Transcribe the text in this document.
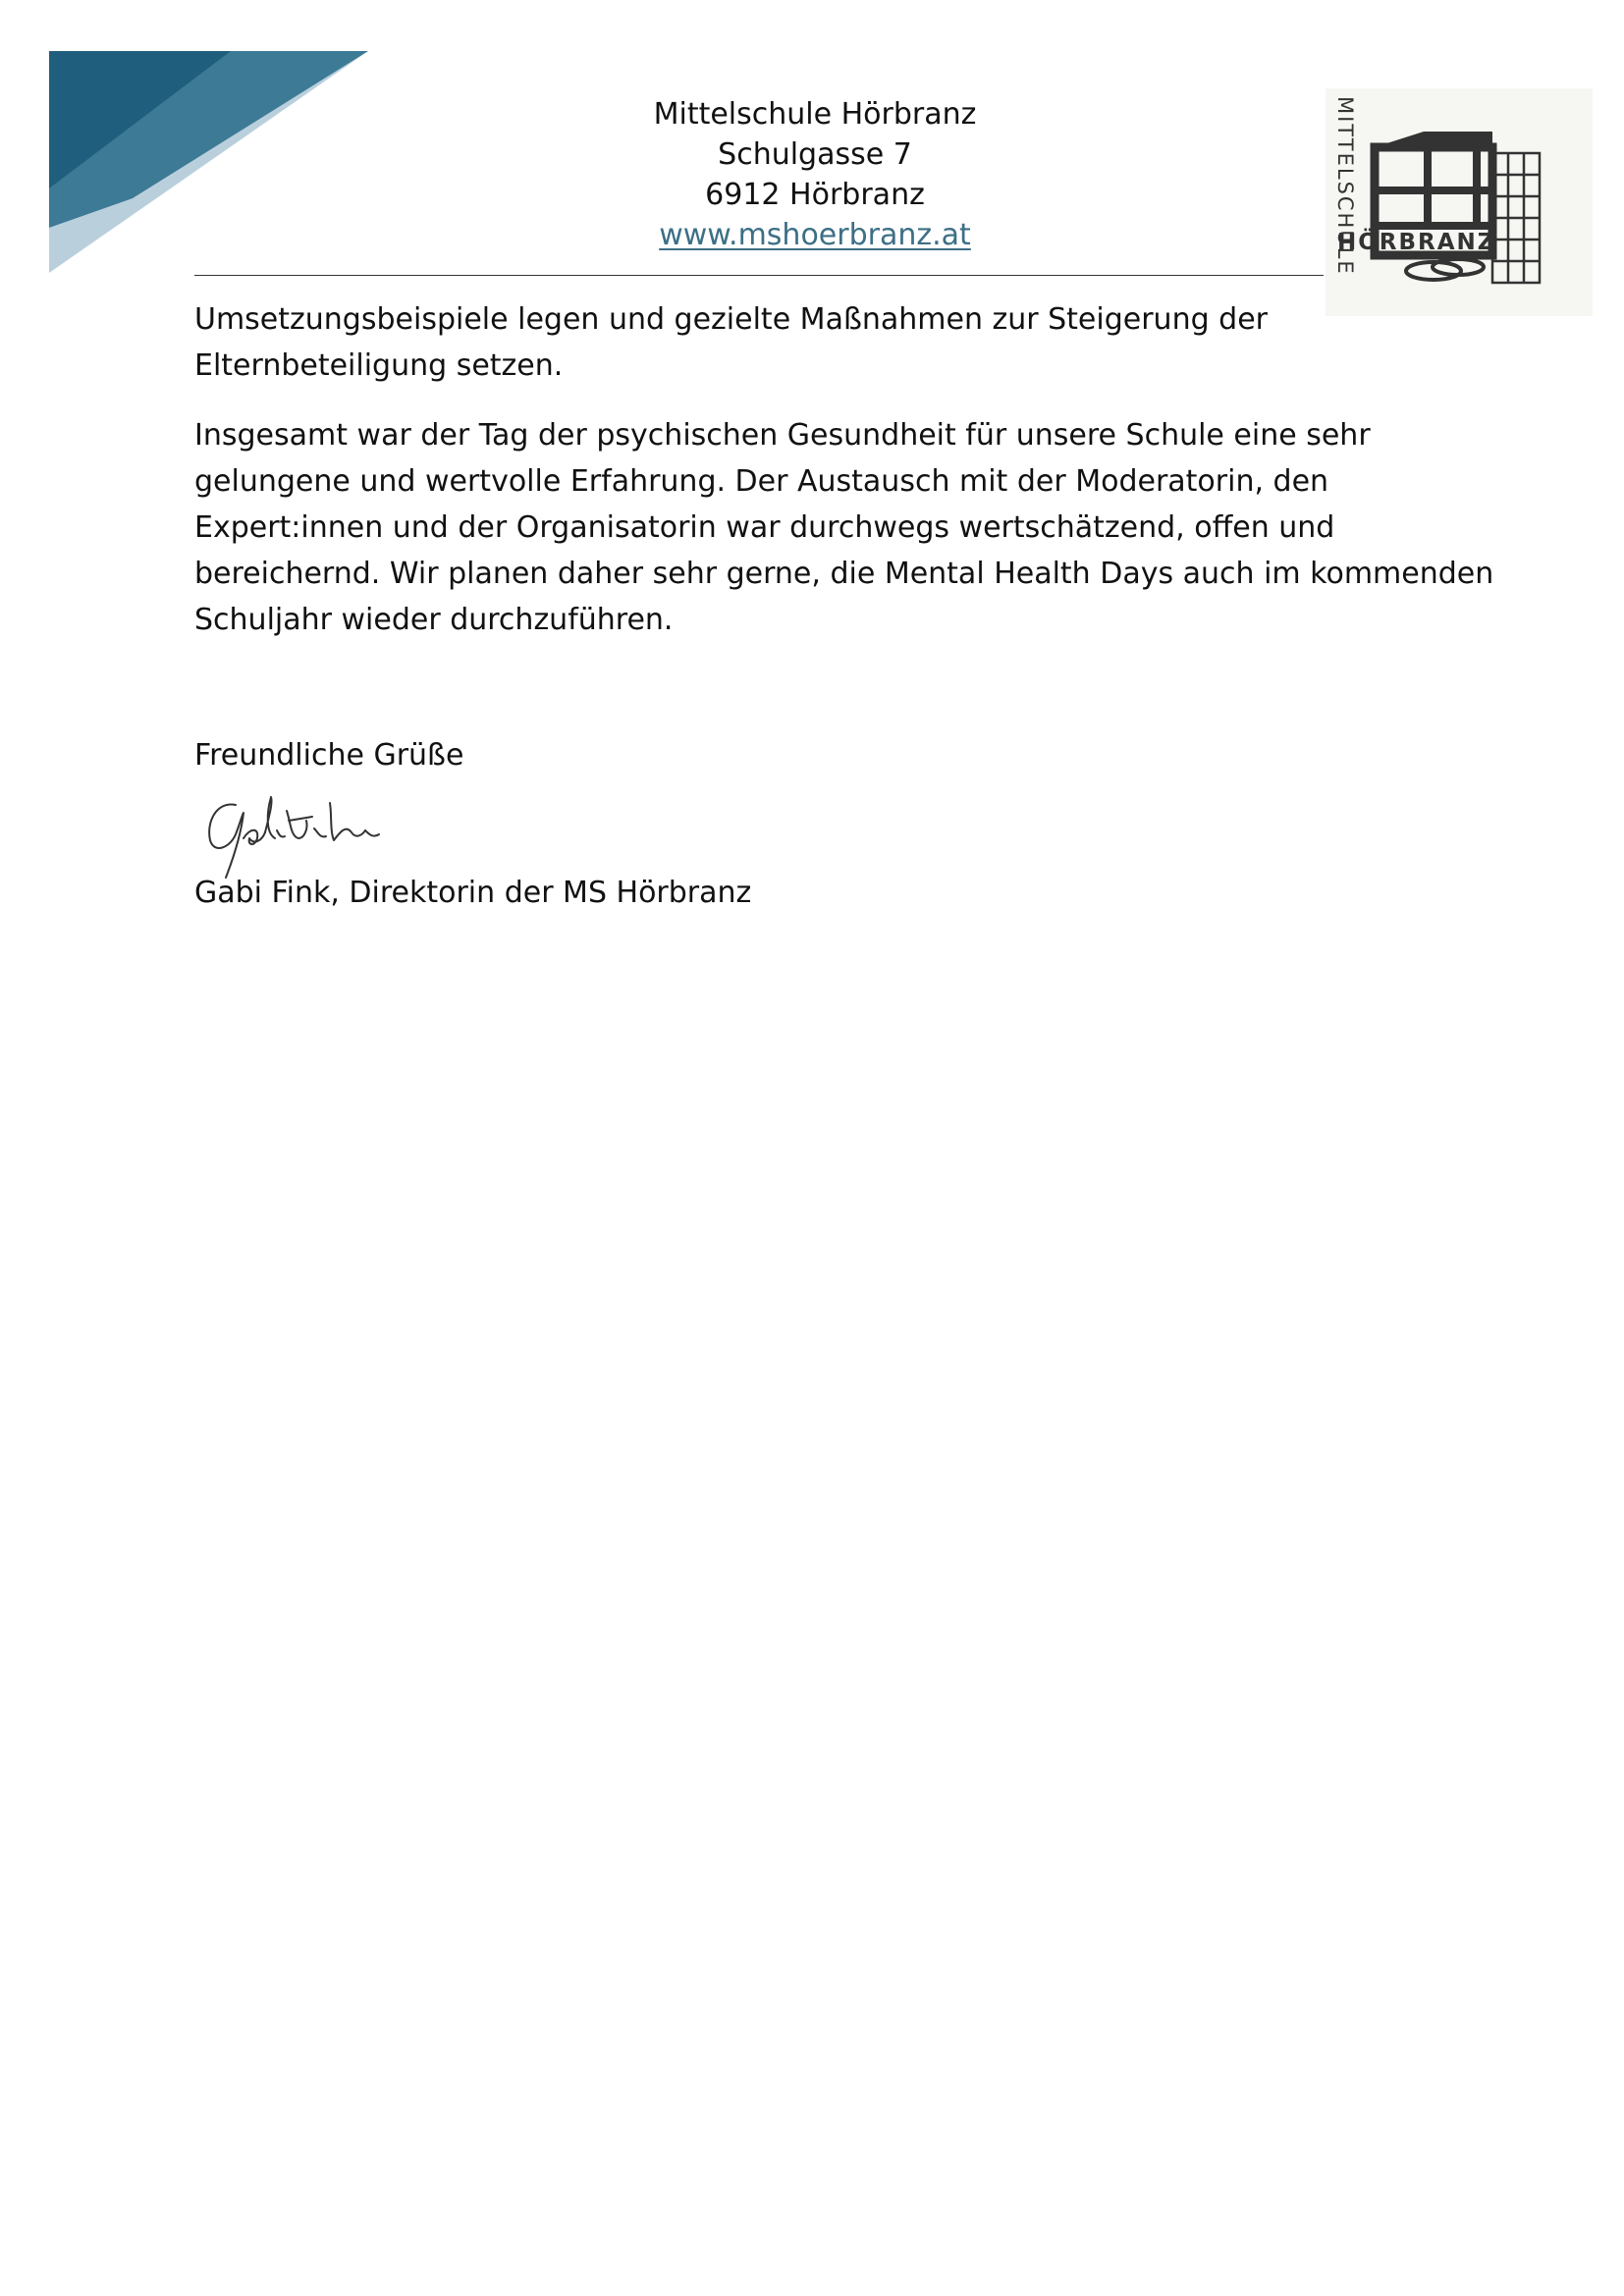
Mittelschule Hörbranz
Schulgasse 7
6912 Hörbranz
www.mshoerbranz.at	MITTELSCHULE
HÖRBRANZ

Umsetzungsbeispiele legen und gezielte Maßnahmen zur Steigerung der
Elternbeteiligung setzen.

Insgesamt war der Tag der psychischen Gesundheit für unsere Schule eine sehr
gelungene und wertvolle Erfahrung. Der Austausch mit der Moderatorin, den
Expert:innen und der Organisatorin war durchwegs wertschätzend, offen und
bereichernd. Wir planen daher sehr gerne, die Mental Health Days auch im kommenden
Schuljahr wieder durchzuführen.

Freundliche Grüße
Gabi Fink, Direktorin der MS Hörbranz
